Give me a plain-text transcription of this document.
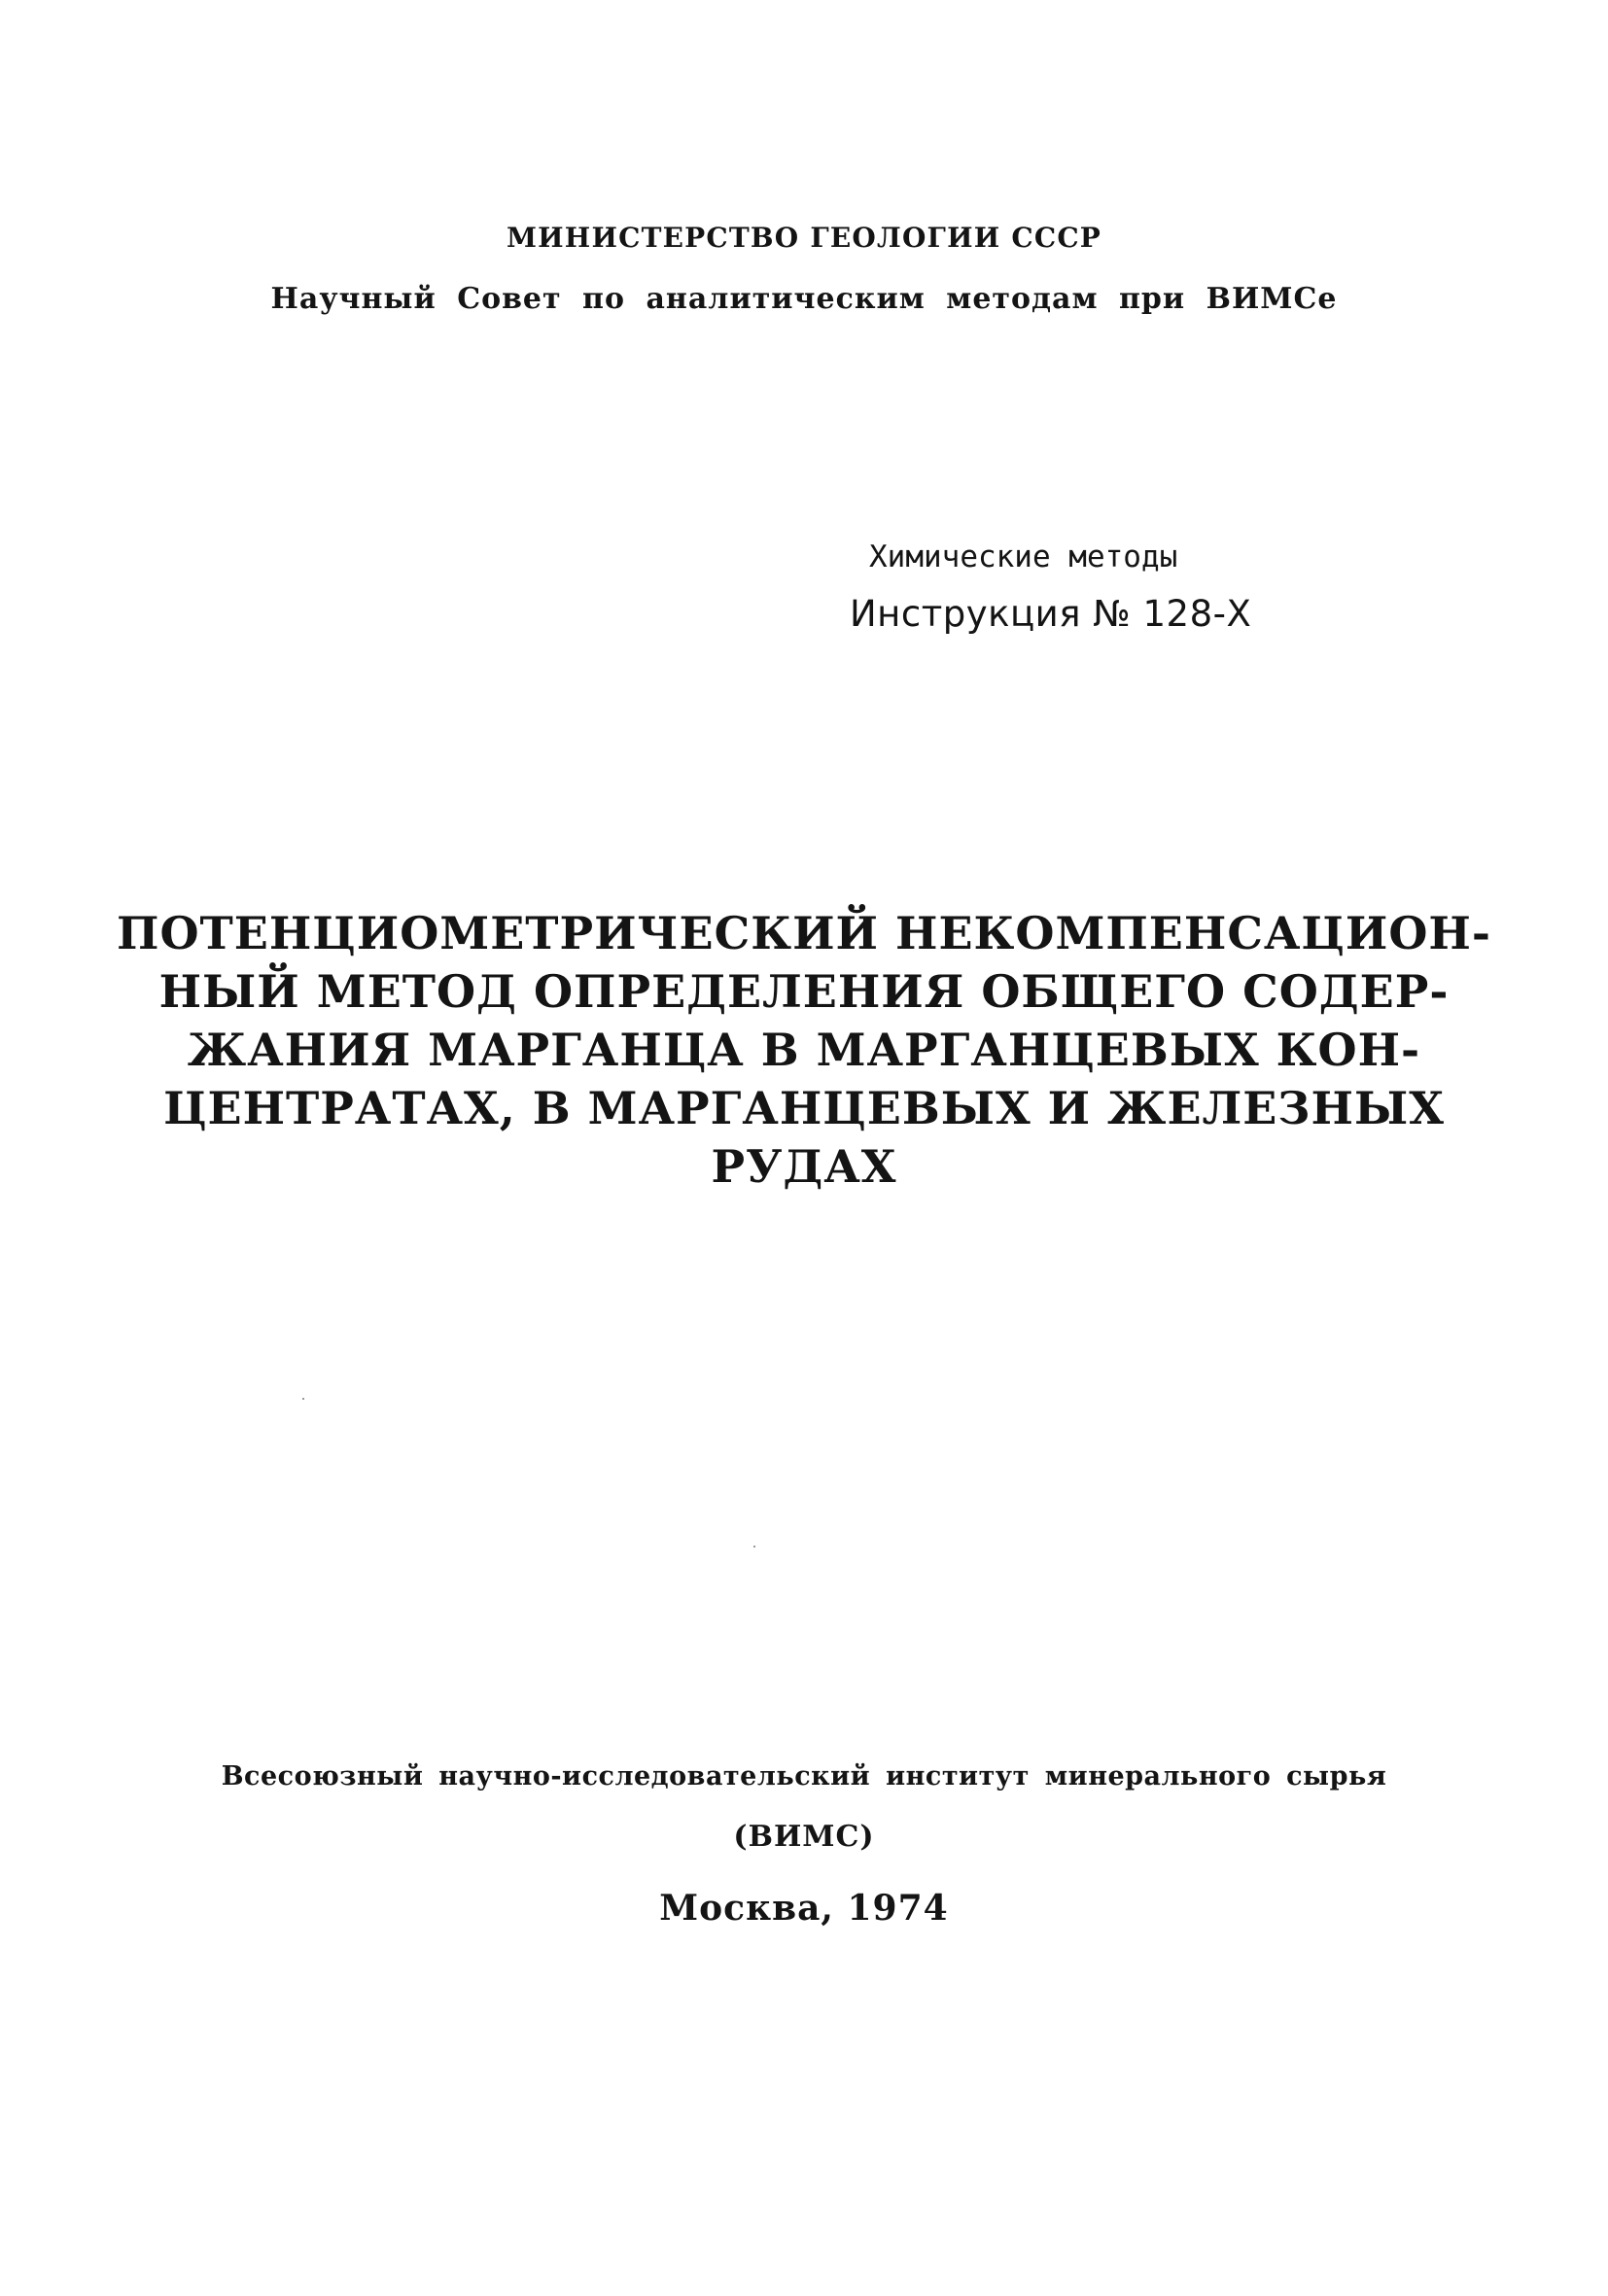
МИНИСТЕРСТВО ГЕОЛОГИИ СССР
Научный Совет по аналитическим методам при ВИМСе
Химические методы
Инструкция № 128-Х
ПОТЕНЦИОМЕТРИЧЕСКИЙ НЕКОМПЕНСАЦИОН-
НЫЙ МЕТОД ОПРЕДЕЛЕНИЯ ОБЩЕГО СОДЕР-
ЖАНИЯ МАРГАНЦА В МАРГАНЦЕВЫХ КОН-
ЦЕНТРАТАХ, В МАРГАНЦЕВЫХ И ЖЕЛЕЗНЫХ
РУДАХ
Всесоюзный научно-исследовательский институт минерального сырья
(ВИМС)
Москва, 1974
